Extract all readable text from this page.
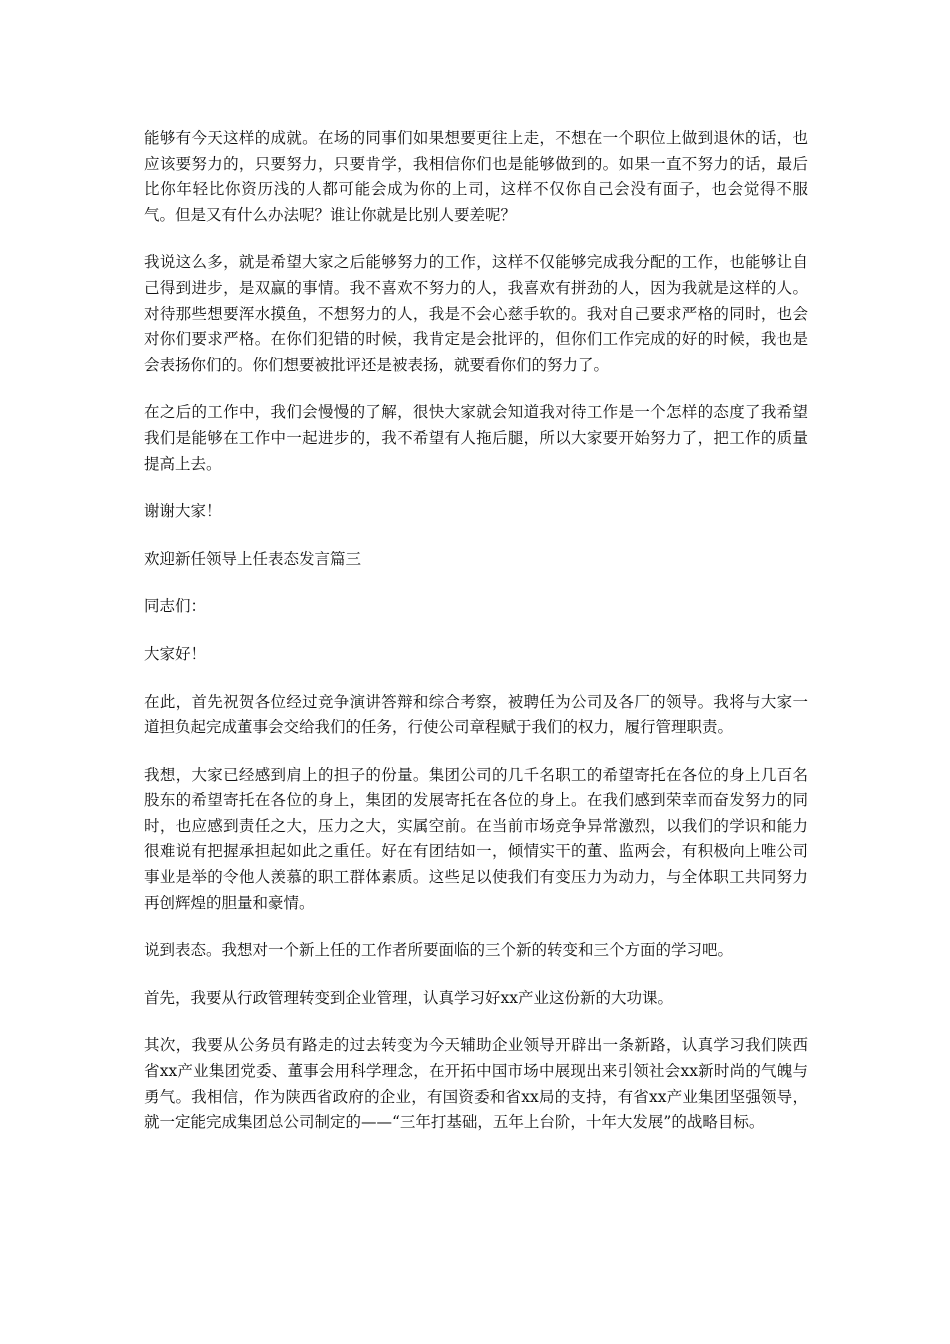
能够有今天这样的成就。在场的同事们如果想要更往上走，不想在一个职位上做到退休的话，也应该要努力的，只要努力，只要肯学，我相信你们也是能够做到的。如果一直不努力的话，最后比你年轻比你资历浅的人都可能会成为你的上司，这样不仅你自己会没有面子，也会觉得不服气。但是又有什么办法呢？谁让你就是比别人要差呢？

我说这么多，就是希望大家之后能够努力的工作，这样不仅能够完成我分配的工作，也能够让自己得到进步，是双赢的事情。我不喜欢不努力的人，我喜欢有拼劲的人，因为我就是这样的人。对待那些想要浑水摸鱼，不想努力的人，我是不会心慈手软的。我对自己要求严格的同时，也会对你们要求严格。在你们犯错的时候，我肯定是会批评的，但你们工作完成的好的时候，我也是会表扬你们的。你们想要被批评还是被表扬，就要看你们的努力了。

在之后的工作中，我们会慢慢的了解，很快大家就会知道我对待工作是一个怎样的态度了我希望我们是能够在工作中一起进步的，我不希望有人拖后腿，所以大家要开始努力了，把工作的质量提高上去。

谢谢大家！

欢迎新任领导上任表态发言篇三

同志们：

大家好！

在此，首先祝贺各位经过竞争演讲答辩和综合考察，被聘任为公司及各厂的领导。我将与大家一道担负起完成董事会交给我们的任务，行使公司章程赋于我们的权力，履行管理职责。

我想，大家已经感到肩上的担子的份量。集团公司的几千名职工的希望寄托在各位的身上几百名股东的希望寄托在各位的身上，集团的发展寄托在各位的身上。在我们感到荣幸而奋发努力的同时，也应感到责任之大，压力之大，实属空前。在当前市场竞争异常激烈，以我们的学识和能力很难说有把握承担起如此之重任。好在有团结如一，倾情实干的董、监两会，有积极向上唯公司事业是举的令他人羡慕的职工群体素质。这些足以使我们有变压力为动力，与全体职工共同努力再创辉煌的胆量和豪情。

说到表态。我想对一个新上任的工作者所要面临的三个新的转变和三个方面的学习吧。

首先，我要从行政管理转变到企业管理，认真学习好xx产业这份新的大功课。

其次，我要从公务员有路走的过去转变为今天辅助企业领导开辟出一条新路，认真学习我们陕西省xx产业集团党委、董事会用科学理念，在开拓中国市场中展现出来引领社会xx新时尚的气魄与勇气。我相信，作为陕西省政府的企业，有国资委和省xx局的支持，有省xx产业集团坚强领导，就一定能完成集团总公司制定的——“三年打基础，五年上台阶，十年大发展”的战略目标。
